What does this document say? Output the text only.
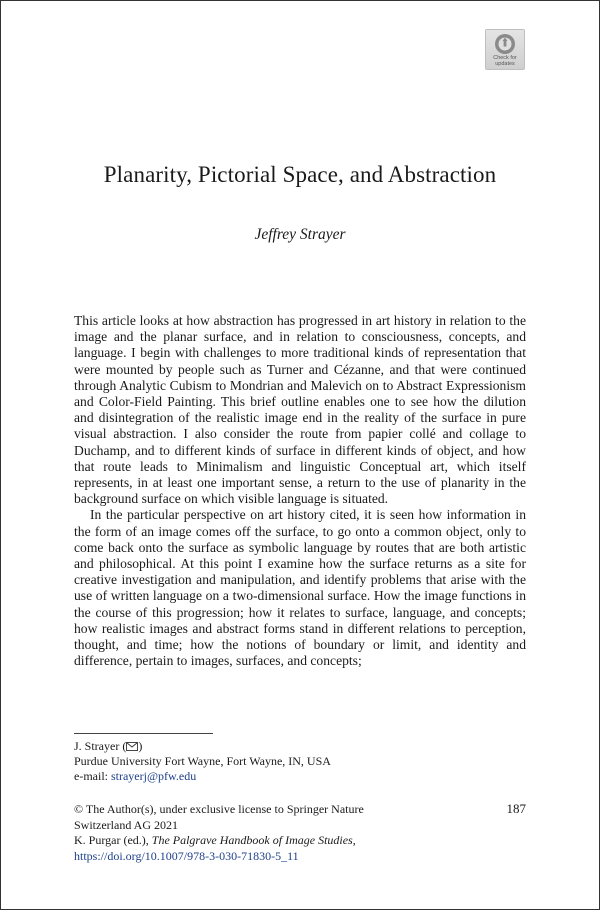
Check for
updates
Planarity, Pictorial Space, and Abstraction
Jeffrey Strayer

This article looks at how abstraction has progressed in art history in relation to the image and the planar surface, and in relation to consciousness, concepts, and language. I begin with challenges to more traditional kinds of representation that were mounted by people such as Turner and Cézanne, and that were continued through Analytic Cubism to Mondrian and Malevich on to Abstract Expressionism and Color-Field Painting. This brief outline enables one to see how the dilution and disintegration of the realistic image end in the reality of the surface in pure visual abstraction. I also consider the route from papier collé and collage to Duchamp, and to different kinds of surface in different kinds of object, and how that route leads to Minimalism and linguistic Conceptual art, which itself represents, in at least one important sense, a return to the use of planarity in the background surface on which visible language is situated.

In the particular perspective on art history cited, it is seen how information in the form of an image comes off the surface, to go onto a common object, only to come back onto the surface as symbolic language by routes that are both artistic and philosophical. At this point I examine how the surface returns as a site for creative investigation and manipulation, and identify problems that arise with the use of written language on a two-dimensional surface. How the image functions in the course of this progression; how it relates to surface, language, and concepts; how realistic images and abstract forms stand in different relations to perception, thought, and time; how the notions of boundary or limit, and identity and difference, pertain to images, surfaces, and concepts;

J. Strayer ( )
Purdue University Fort Wayne, Fort Wayne, IN, USA
e-mail: strayerj@pfw.edu
© The Author(s), under exclusive license to Springer Nature
Switzerland AG 2021
K. Purgar (ed.), The Palgrave Handbook of Image Studies,
https://doi.org/10.1007/978-3-030-71830-5_11
187
